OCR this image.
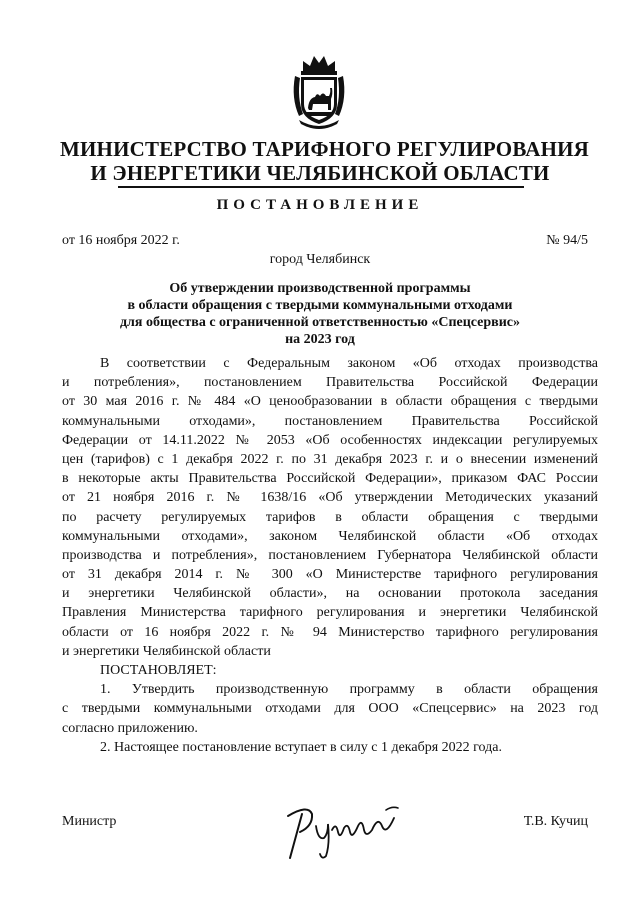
МИНИСТЕРСТВО ТАРИФНОГО РЕГУЛИРОВАНИЯ
И ЭНЕРГЕТИКИ ЧЕЛЯБИНСКОЙ ОБЛАСТИ
ПОСТАНОВЛЕНИЕ
от 16 ноября 2022 г.	№ 94/5
город Челябинск
Об утверждении производственной программы
в области обращения с твердыми коммунальными отходами
для общества с ограниченной ответственностью «Спецсервис»
на 2023 год
В соответствии с Федеральным законом «Об отходах производства
и потребления», постановлением Правительства Российской Федерации
от 30 мая 2016 г. № 484 «О ценообразовании в области обращения с твердыми
коммунальными отходами», постановлением Правительства Российской
Федерации от 14.11.2022 № 2053 «Об особенностях индексации регулируемых
цен (тарифов) с 1 декабря 2022 г. по 31 декабря 2023 г. и о внесении изменений
в некоторые акты Правительства Российской Федерации», приказом ФАС России
от 21 ноября 2016 г. № 1638/16 «Об утверждении Методических указаний
по расчету регулируемых тарифов в области обращения с твердыми
коммунальными отходами», законом Челябинской области «Об отходах
производства и потребления», постановлением Губернатора Челябинской области
от 31 декабря 2014 г. № 300 «О Министерстве тарифного регулирования
и энергетики Челябинской области», на основании протокола заседания
Правления Министерства тарифного регулирования и энергетики Челябинской
области от 16 ноября 2022 г. № 94 Министерство тарифного регулирования
и энергетики Челябинской области
ПОСТАНОВЛЯЕТ:
1. Утвердить производственную программу в области обращения
с твердыми коммунальными отходами для ООО «Спецсервис» на 2023 год
согласно приложению.
2. Настоящее постановление вступает в силу с 1 декабря 2022 года.
Министр	Т.В. Кучиц
